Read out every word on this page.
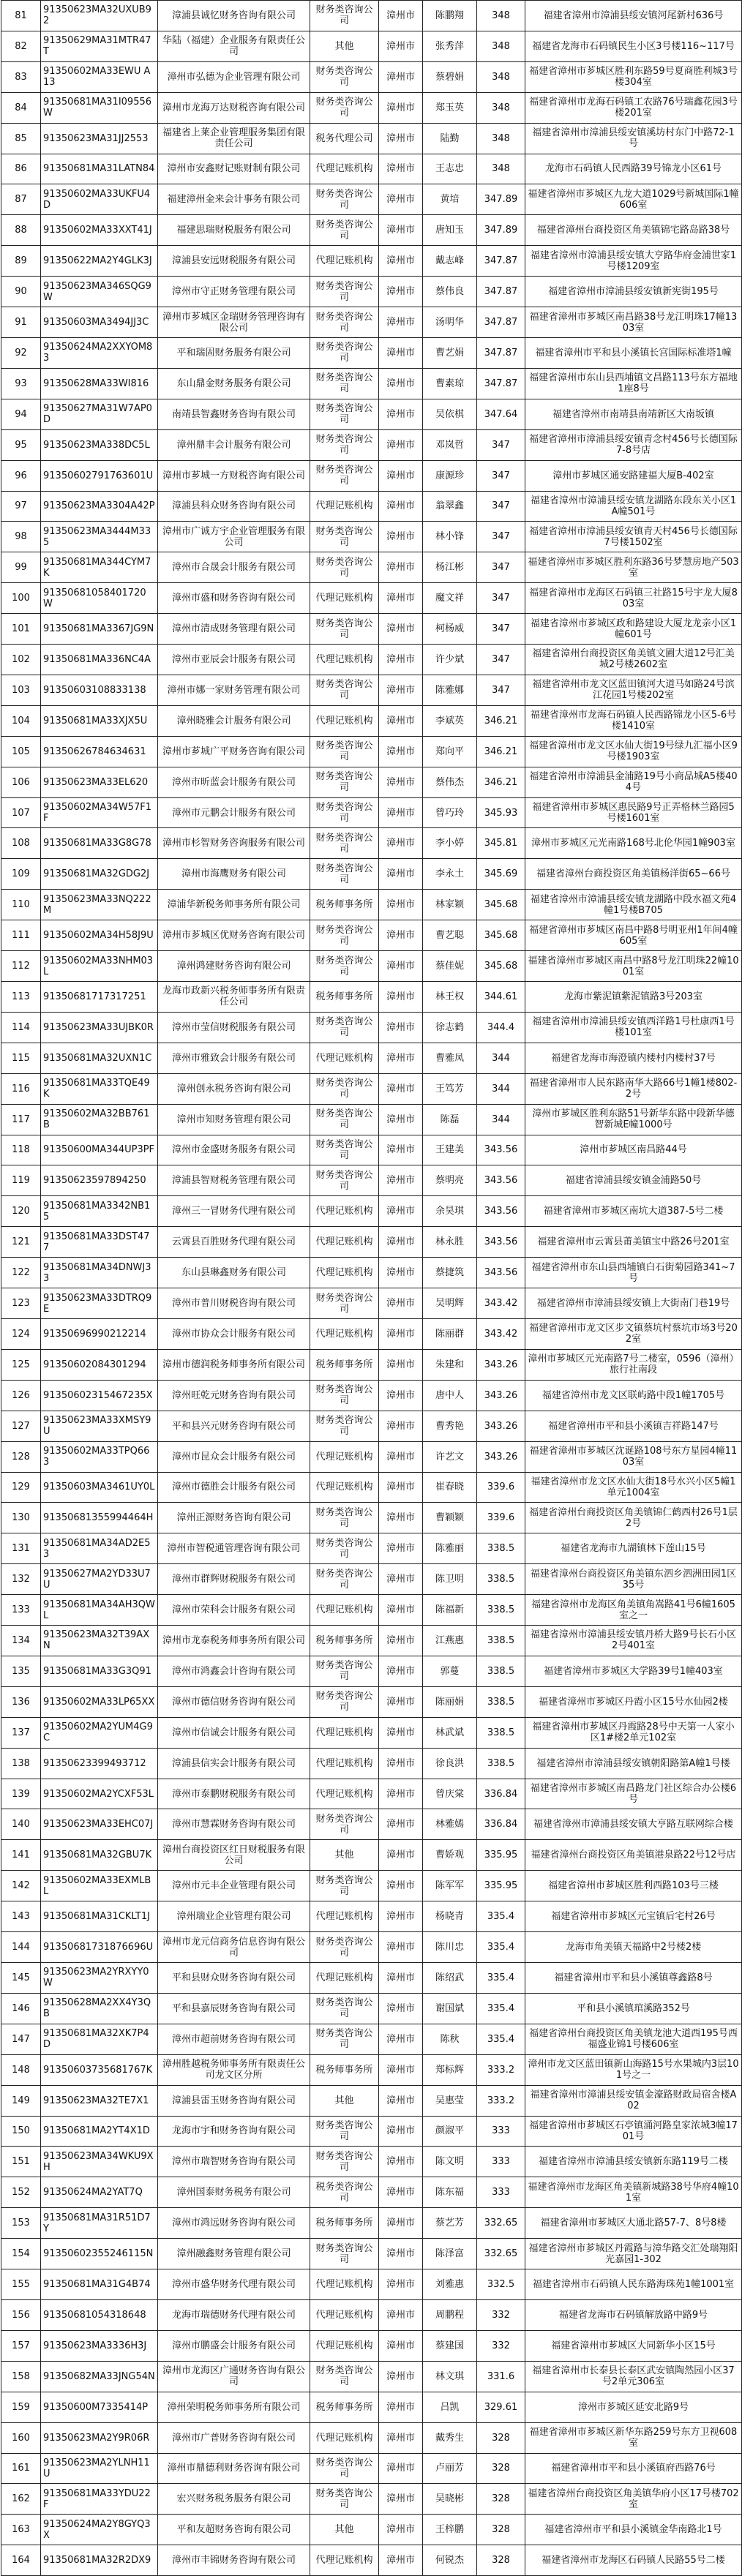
81	91350623MA32UXUB92	漳浦县诚忆财务咨询有限公司	财务类咨询公司	漳州市	陈鹏翔	348	福建省漳州市漳浦县绥安镇河尾新村636号
82	91350629MA31MTR47T	华陆（福建）企业服务有限责任公司	其他	漳州市	张秀萍	348	福建省龙海市石码镇民生小区3号楼116~117号
83	91350602MA33EWU A13	漳州市弘德为企业管理有限公司	财务类咨询公司	漳州市	蔡碧娟	348	福建省漳州市芗城区胜利东路59号夏商胜利城3号楼304室
84	91350681MA31I09556W	漳州市龙海万达财税咨询有限公司	财务类咨询公司	漳州市	郑玉英	348	福建省漳州市龙海石码镇工农路76号瑞鑫花园3号楼201室
85	91350623MA31JJ2553	福建省上莱企业管理服务集团有限责任公司	税务代理公司	漳州市	陆勤	348	福建省漳州市漳浦县绥安镇溪坊村东门中路72-1号
86	91350681MA31LATN84	漳州市安鑫财记账财制有限公司	代理记账机构	漳州市	王志忠	348	龙海市石码镇人民西路39号锦龙小区61号
87	91350602MA33UKFU4D	福建漳州金来会计事务有限公司	财务类咨询公司	漳州市	黄培	347.89	福建省漳州市芗城区九龙大道1029号新城国际1幢606室
88	91350602MA33XXT41J	福建思瑞财税服务有限公司	财务类咨询公司	漳州市	唐知玉	347.89	福建省漳州台商投资区角美镇锦宅路岛路38号
89	91350622MA2Y4GLK3J	漳浦县安远财税服务有限公司	代理记账机构	漳州市	戴志峰	347.87	福建省漳州市漳浦县绥安镇大亨路华府金浦世家1号楼1209室
90	91350623MA346SQG9W	漳州市守正财务管理有限公司	财务类咨询公司	漳州市	蔡伟良	347.87	福建省漳州市漳浦县绥安镇新宪街195号
91	91350603MA3494JJ3C	漳州市芗城区金瑞财务管理咨询有限公司	财务类咨询公司	漳州市	汤明华	347.87	福建省漳州市芗城区南昌路38号龙江明珠17幢1303室
92	91350624MA2XXYOM83	平和瑞固财务服务有限公司	财务类咨询公司	漳州市	曹艺娟	347.87	福建省漳州市平和县小溪镇长宫国际标准塔1幢
93	91350628MA33WI816	东山鼎金财务服务有限公司	财务类咨询公司	漳州市	曹素琼	347.87	福建省漳州市东山县西埔镇文昌路113号东方福地1座8号
94	91350627MA31W7AP0D	南靖县智鑫财务咨询有限公司	财务类咨询公司	漳州市	吴依棋	347.64	福建省漳州市南靖县南靖新区大南坂镇
95	91350623MA338DC5L	漳州鼎丰会计服务有限公司	财务类咨询公司	漳州市	邓岚哲	347	福建省漳州市漳浦县绥安镇青念村456号长德国际7-8号店
96	91350602791763601U	漳州市芗城一方财税咨询有限公司	财务类咨询公司	漳州市	康源珍	347	漳州市芗城区通安路建福大厦B-402室
97	91350623MA3304A42P	漳浦县科众财务咨询有限公司	代理记账机构	漳州市	翁翠鑫	347	福建省漳州市漳浦县绥安镇龙湖路东段东关小区1A幢501号
98	91350623MA3444M335	漳州市广诚方宇企业管理服务有限公司	财务类咨询公司	漳州市	林小锋	347	福建省漳州市漳浦县绥安镇青天村456号长德国际7号楼1502室
99	91350681MA344CYM7K	漳州市合晟会计服务有限公司	财务类咨询公司	漳州市	杨江彬	347	福建省漳州市芗城区胜利东路36号梦慧房地产503室
100	91350681058401720W	漳州市盛和财务咨询有限公司	代理记账机构	漳州市	魔文祥	347	福建省漳州市龙海区石码镇三社路15号宇龙大厦803室
101	91350681MA3367JG9N	漳州市清成财务管理有限公司	财务类咨询公司	漳州市	柯杨威	347	福建省漳州市芗城区政和路建设大厦龙龙亲小区1幢601号
102	91350681MA336NC4A	漳州市亚辰会计服务有限公司	代理记账机构	漳州市	许少斌	347	福建省漳州台商投资区角美镇文圃大道12号汇美城2号楼2602室
103	91350603108833138	漳州市娜一家财务管理有限公司	财务类咨询公司	漳州市	陈雅娜	347	福建省漳州市龙文区蓝田镇河大道马如路24号滨江花园1号楼202室
104	91350681MA33XJX5U	漳州晓雅会计服务有限公司	代理记账机构	漳州市	李斌英	346.21	福建省漳州市龙海石码镇人民西路锦龙小区5-6号楼1410室
105	91350626784634631	漳州市芗城广平财务咨询有限公司	财务类咨询公司	漳州市	郑向平	346.21	福建省漳州市龙文区水仙大街19号绿九汇福小区9号楼1903室
106	91350623MA33EL620	漳州市昕蓝会计服务有限公司	财务类咨询公司	漳州市	蔡伟杰	346.21	福建省漳州市漳浦县金浦路19号小商品城A5楼404号
107	91350602MA34W57F1F	漳州市元鹏会计服务有限公司	财务类咨询公司	漳州市	曾巧玲	345.93	福建省漳州市芗城区惠民路9号正弄格林兰路园5号楼1601室
108	91350681MA33G8G78	漳州市杉智财务咨询服务有限公司	财务类咨询公司	漳州市	李小婷	345.81	漳州市芗城区元光南路168号北伦华园1幢903室
109	91350681MA32GDG2J	漳州市海鹰财务有限公司	财务类咨询公司	漳州市	李永土	345.69	福建省漳州台商投资区角美镇杨洋街65~66号
110	91350623MA33NQ222M	漳浦华新税务师事务所有限公司	税务师事务所	漳州市	林家颖	345.68	福建省漳州市漳浦县绥安镇龙湖路中段水福文苑4幢1号楼B705
111	91350602MA34H58J9U	漳州市芗城区优财务咨询有限公司	财务类咨询公司	漳州市	曹艺聪	345.68	福建省漳州市芗城区南昌中路8号明亚州1年间4幢605室
112	91350602MA33NHM03L	漳州鸿建财务咨询有限公司	财务类咨询公司	漳州市	蔡佳妮	345.68	福建省漳州市芗城区南昌中路8号龙江明珠22幢1001室
113	91350681717317251	龙海市政新兴税务师事务所有限责任公司	税务师事务所	漳州市	林王权	344.61	龙海市紫泥镇紫泥镇路3号203室
114	91350623MA33UJBK0R	漳州市莹信财税服务有限公司	财务类咨询公司	漳州市	徐志鹤	344.4	福建省漳州市漳浦县绥安镇西洋路1号杜康西1号楼101室
115	91350681MA32UXN1C	漳州市雅致会计服务有限公司	代理记账机构	漳州市	曹雅凤	344	福建省龙海市海澄镇内楼村内楼村37号
116	91350681MA33TQE49K	漳州创永税务咨询有限公司	财务类咨询公司	漳州市	王笃芳	344	福建省漳州市人民东路南华大路66号1幢1楼802-2号
117	91350602MA32BB761B	漳州市知财务管理有限公司	财务类咨询公司	漳州市	陈磊	344	漳州市芗城区胜利东路51号新华东路中段新华德智新城E幢1000号
118	91350600MA344UP3PF	漳州市金盛财务服务有限公司	财务类咨询公司	漳州市	王建美	343.56	漳州市芗城区南昌路44号
119	91350623597894250	漳浦县智财税务管理有限公司	财务类咨询公司	漳州市	蔡明亮	343.56	福建省漳浦县绥安镇金浦路50号
120	91350681MA3342NB15	漳州三一冒财务代理有限公司	代理记账机构	漳州市	余昊琪	343.56	福建省漳州市芗城区南坑大道387-5号二楼
121	91350681MA33DST477	云霄县百胜财务代理有限公司	代理记账机构	漳州市	林永胜	343.56	福建省漳州市云霄县莆美镇宝中路26号201室
122	91350681MA34DNWJ33	东山县琳鑫财务有限公司	代理记账机构	漳州市	蔡捷筑	343.56	福建省漳州市东山县西埔镇白石街菊园路341~7号
123	91350623MA33DTRQ9E	漳州市普川财税咨询有限公司	财务类咨询公司	漳州市	吴明辉	343.42	福建省漳州市漳浦县绥安镇上大街南门巷19号
124	91350696990212214	漳州市协众会计服务有限公司	代理记账机构	漳州市	陈丽群	343.42	福建省漳州市龙文区步文镇蔡坑村蔡坑市场3号202室
125	91350602084301294	漳州市德润税务师事务所有限公司	税务师事务所	漳州市	朱建和	343.26	漳州市芗城区元光南路7号二楼室，0596（漳州）旅行社南段
126	91350602315467235X	漳州旺乾元财务咨询有限公司	财务类咨询公司	漳州市	唐中人	343.26	福建省漳州市龙文区联屿路中段1幢1705号
127	91350623MA33XMSY9U	平和县兴元财务咨询有限公司	财务类咨询公司	漳州市	曹秀艳	343.26	福建省漳州市平和县小溪镇吉祥路147号
128	91350602MA33TPQ663	漳州市昆众会计服务有限公司	代理记账机构	漳州市	许艺文	343.26	福建省漳州市芗城区沈诞路108号东方星园4幢1103室
129	91350603MA3461UY0L	漳州市德胜会计服务有限公司	代理记账机构	漳州市	崔春晓	339.6	福建省漳州市龙文区水仙大街18号水兴小区5幢1单元1004室
130	91350681355994464H	漳州正源财务咨询有限公司	财务类咨询公司	漳州市	曹颖颖	339.6	福建省漳州台商投资区角美镇锦仁鹤西村26号1层2号
131	91350681MA34AD2E53	漳州市智税通管理咨询有限公司	财务类咨询公司	漳州市	陈雅丽	338.5	福建省龙海市九湖镇林下莲山15号
132	91350627MA2YD33U7U	漳州市群辉财税服务有限公司	财务类咨询公司	漳州市	陈卫明	338.5	福建省漳州台商投资区角美镇东泗乡泗洲田园1区35号
133	91350681MA34AH3QWL	漳州市荣科会计服务有限公司	代理记账机构	漳州市	陈福新	338.5	福建省漳州市龙海区角美镇角嵩路41号6幢1605室之一
134	91350623MA32T39AXN	漳州市龙泰税务师事务所有限公司	税务师事务所	漳州市	江燕惠	338.5	福建省漳州市漳浦县绥安镇丹桥大路9号长石小区2号401室
135	91350681MA33G3Q91	漳州市鸿鑫会计咨询有限公司	财务类咨询公司	漳州市	郭蔓	338.5	福建省漳州市芗城区大学路39号1幢403室
136	91350602MA33LP65XX	漳州市德信财务咨询有限公司	财务类咨询公司	漳州市	陈丽娟	338.5	福建省漳州市芗城区丹霞小区15号水仙园2楼
137	91350602MA2YUM4G9C	漳州市信诚会计服务有限公司	代理记账机构	漳州市	林武斌	338.5	福建省漳州市芗城区丹霞路28号中天第一人家小区1#楼2单元102室
138	91350623399493712	漳浦县信实会计服务有限公司	代理记账机构	漳州市	徐良洪	338.5	福建省漳州市漳浦县绥安镇朝阳路第A幢1号楼
139	91350602MA2YCXF53L	漳州市泰鹏财税服务有限公司	代理记账机构	漳州市	曾庆棠	336.84	福建省漳州市芗城区南昌路龙门社区综合办公楼6号
140	91350623MA33EHC07J	漳州市慧霖财务咨询有限公司	财务类咨询公司	漳州市	林雅嫣	336.84	福建省漳州市漳浦县绥安镇大亨路互联网综合楼
141	91350681MA32GBU7K	漳州台商投资区红日财税服务有限公司	其他	漳州市	曹娇观	335.95	福建省漳州台商投资区角美镇港泉路22号12号店
142	91350602MA33EXMLBL	漳州市元丰企业管理有限公司	财务类咨询公司	漳州市	陈军军	335.95	福建省漳州市芗城区胜利西路103号三楼
143	91350681MA31CKLT1J	漳州瑞业企业管理有限公司	代理记账机构	漳州市	杨晓青	335.4	福建省漳州市芗城区元宝镇后宅村26号
144	91350681731876696U	漳州市龙元信商务信息咨询有限公司	财务类咨询公司	漳州市	陈川忠	335.4	龙海市角美镇天福路中2号楼2楼
145	91350623MA2YRXYY0W	平和县财众财务咨询有限公司	代理记账机构	漳州市	陈绍武	335.4	福建省漳州市平和县小溪镇尊鑫路8号
146	91350628MA2XX4Y3QB	平和县嘉辰财务咨询有限公司	财务类咨询公司	漳州市	谢国斌	335.4	平和县小溪镇琯溪路352号
147	91350681MA32XK7P4D	漳州市超前财务咨询有限公司	财务类咨询公司	漳州市	陈秋	335.4	福建省漳州台商投资区角美镇龙池大道西195号西福盛业锦1号楼606室
148	91350603735681767K	漳州胜越税务师事务所有限责任公司龙文区分所	税务师事务所	漳州市	郑标辉	333.2	漳州市龙文区蓝田镇新山海路15号水果城内3层101号之一
149	91350623MA32TE7X1	漳浦县雷玉财务咨询有限公司	其他	漳州市	吴惠莹	333.2	福建省漳州市漳浦县绥安镇金濠路财政局宿舍楼A02
150	91350681MA2YT4X1D	龙海市宇和财务咨询有限公司	财务类咨询公司	漳州市	颜淑平	333	福建省漳州市芗城区石亭镇涌河路皇家浓城3幢1701号
151	91350623MA34WKU9XH	漳州市瑞智财务咨询有限公司	财务类咨询公司	漳州市	陈文明	333	福建省漳州市漳浦县绥安镇新东路119号二楼
152	91350624MA2YAT7Q	漳州国泰财务税务有限公司	税务类咨询公司	漳州市	陈东福	333	福建省漳州市龙海区角美镇新城路38号华府4幢101室
153	91350681MA31R51D7Y	漳州市鸿远财务咨询有限公司	税务师事务所	漳州市	蔡艺芳	332.65	福建省漳州市芗城区大通北路57-7、8号8楼
154	91350602355246115N	漳州融鑫财务管理有限公司	财务类咨询公司	漳州市	陈泽富	332.65	福建省漳州市芗城区丹霞路与漳华路交汇处瑞翔阳光嘉园1-302
155	91350681MA31G4B74	漳州市盛华财务代理有限公司	代理记账机构	漳州市	刘雅惠	332.5	福建省漳州市石码镇人民东路海珠苑1幢1001室
156	91350681054318648	龙海市瑞德财务代理有限公司	代理记账机构	漳州市	周鹏程	332	福建省龙海市石码镇解放路中路9号
157	91350623MA3336H3J	漳州市鹏盛会计服务有限公司	代理记账机构	漳州市	蔡建国	332	福建省漳州市芗城区大同新华小区15号
158	91350682MA33JNG54N	漳州市龙海区广通财务咨询有限公司	财务类咨询公司	漳州市	林文琪	331.6	福建省漳州市长泰县长泰区武安镇陶然园小区37号2单元306室
159	91350600M7335414P	漳州荣明税务师事务所有限公司	税务师事务所	漳州市	吕凯	329.61	漳州市芗城区延安北路9号
160	91350623MA2Y9R06R	漳州市广普财务咨询有限公司	代理记账机构	漳州市	戴秀生	328	福建省漳州市芗城区新华东路259号东方卫视608室
161	91350623MA2YLNH11U	漳州市鼎德利财务咨询有限公司	财务类咨询公司	漳州市	卢丽芳	328	福建省漳州市平和县小溪镇府西路76号
162	91350681MA33YDU22F	宏兴财务税务服务有限公司	财务类咨询公司	漳州市	吴晓彬	328	福建省漳州台商投资区角美镇华府小区17号楼702室
163	91350624MA2Y8GYQ3X	平和友超财务咨询有限公司	其他	漳州市	王梓鹏	328	福建省漳州市平和县小溪镇金华南路北1号
164	91350681MA32R2DX9	漳州市丰锦财务咨询有限公司	代理记账机构	漳州市	何锐杰	328	福建省漳州市龙海区石码镇人民路55号二楼
